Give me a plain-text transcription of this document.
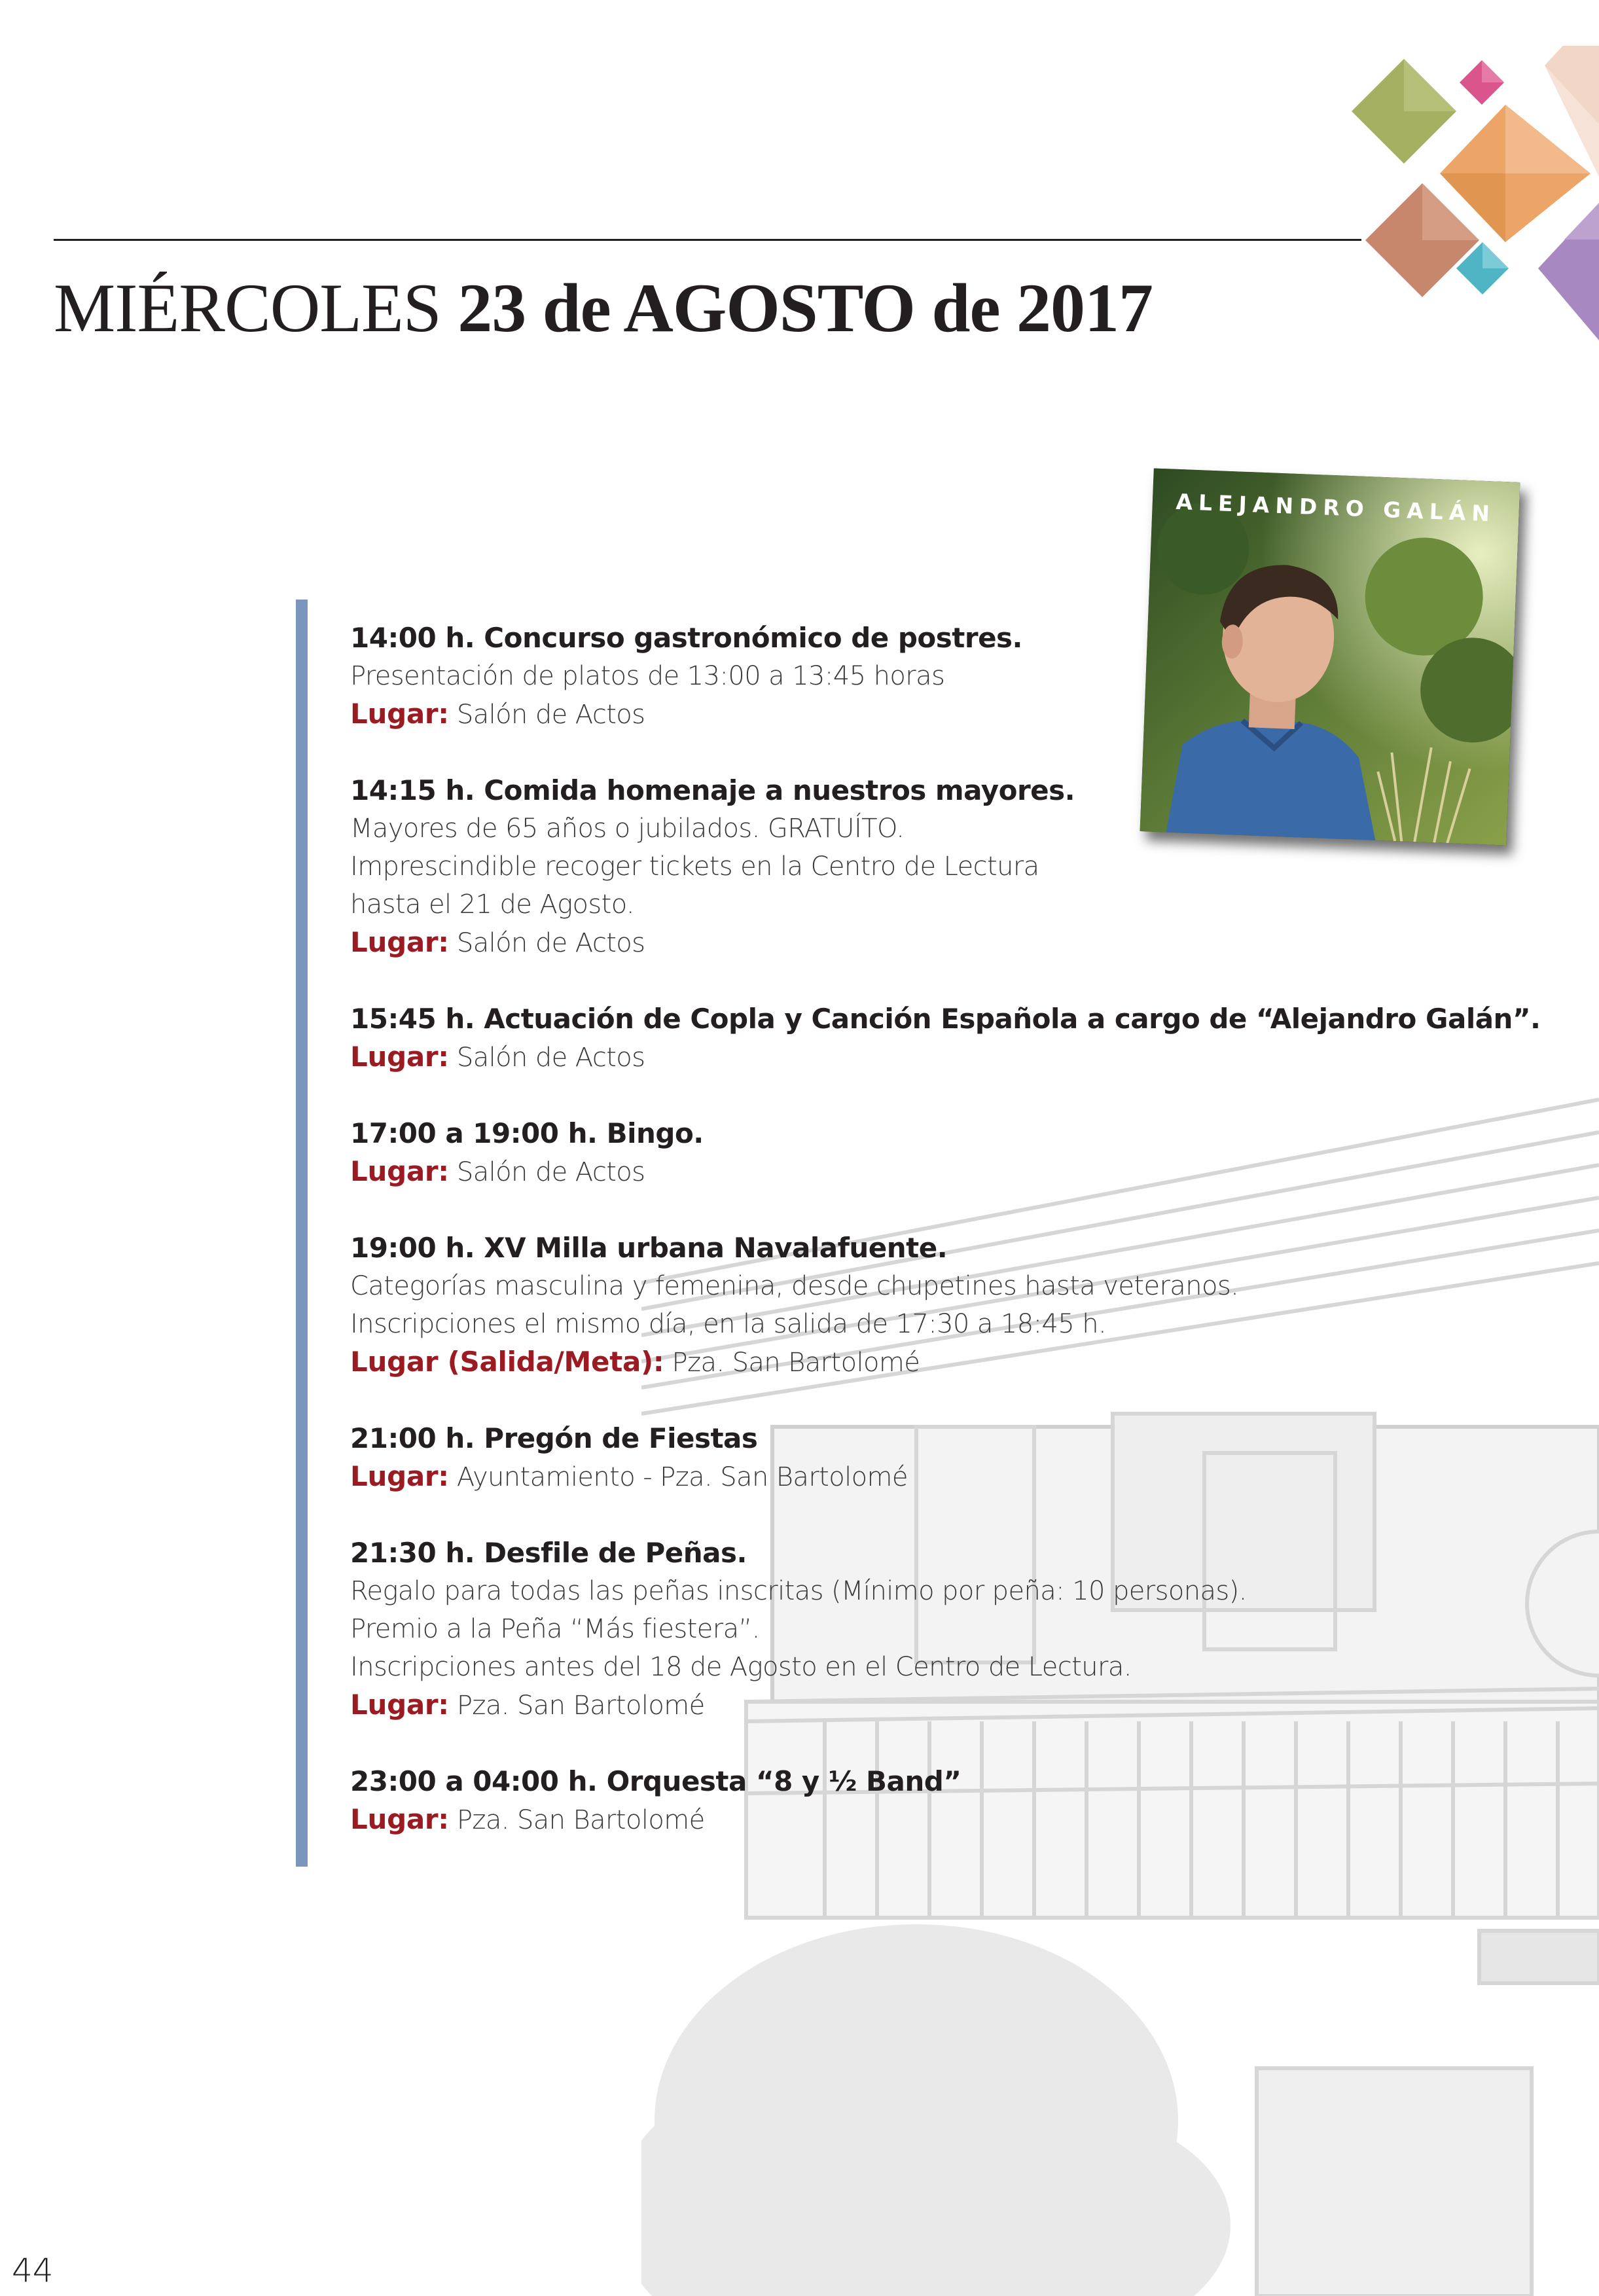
MIÉRCOLES 23 de AGOSTO de 2017
ALEJANDRO GALÁN
14:00 h. Concurso gastronómico de postres.
Presentación de platos de 13:00 a 13:45 horas
Lugar: Salón de Actos
14:15 h. Comida homenaje a nuestros mayores.
Mayores de 65 años o jubilados. GRATUÍTO.
Imprescindible recoger tickets en la Centro de Lectura
hasta el 21 de Agosto.
Lugar: Salón de Actos
15:45 h. Actuación de Copla y Canción Española a cargo de “Alejandro Galán”.
Lugar: Salón de Actos
17:00 a 19:00 h. Bingo.
Lugar: Salón de Actos
19:00 h. XV Milla urbana Navalafuente.
Categorías masculina y femenina, desde chupetines hasta veteranos.
Inscripciones el mismo día, en la salida de 17:30 a 18:45 h.
Lugar (Salida/Meta): Pza. San Bartolomé
21:00 h. Pregón de Fiestas
Lugar: Ayuntamiento - Pza. San Bartolomé
21:30 h. Desfile de Peñas.
Regalo para todas las peñas inscritas (Mínimo por peña: 10 personas).
Premio a la Peña “Más fiestera”.
Inscripciones antes del 18 de Agosto en el Centro de Lectura.
Lugar: Pza. San Bartolomé
23:00 a 04:00 h. Orquesta “8 y ½ Band”
Lugar: Pza. San Bartolomé
44
